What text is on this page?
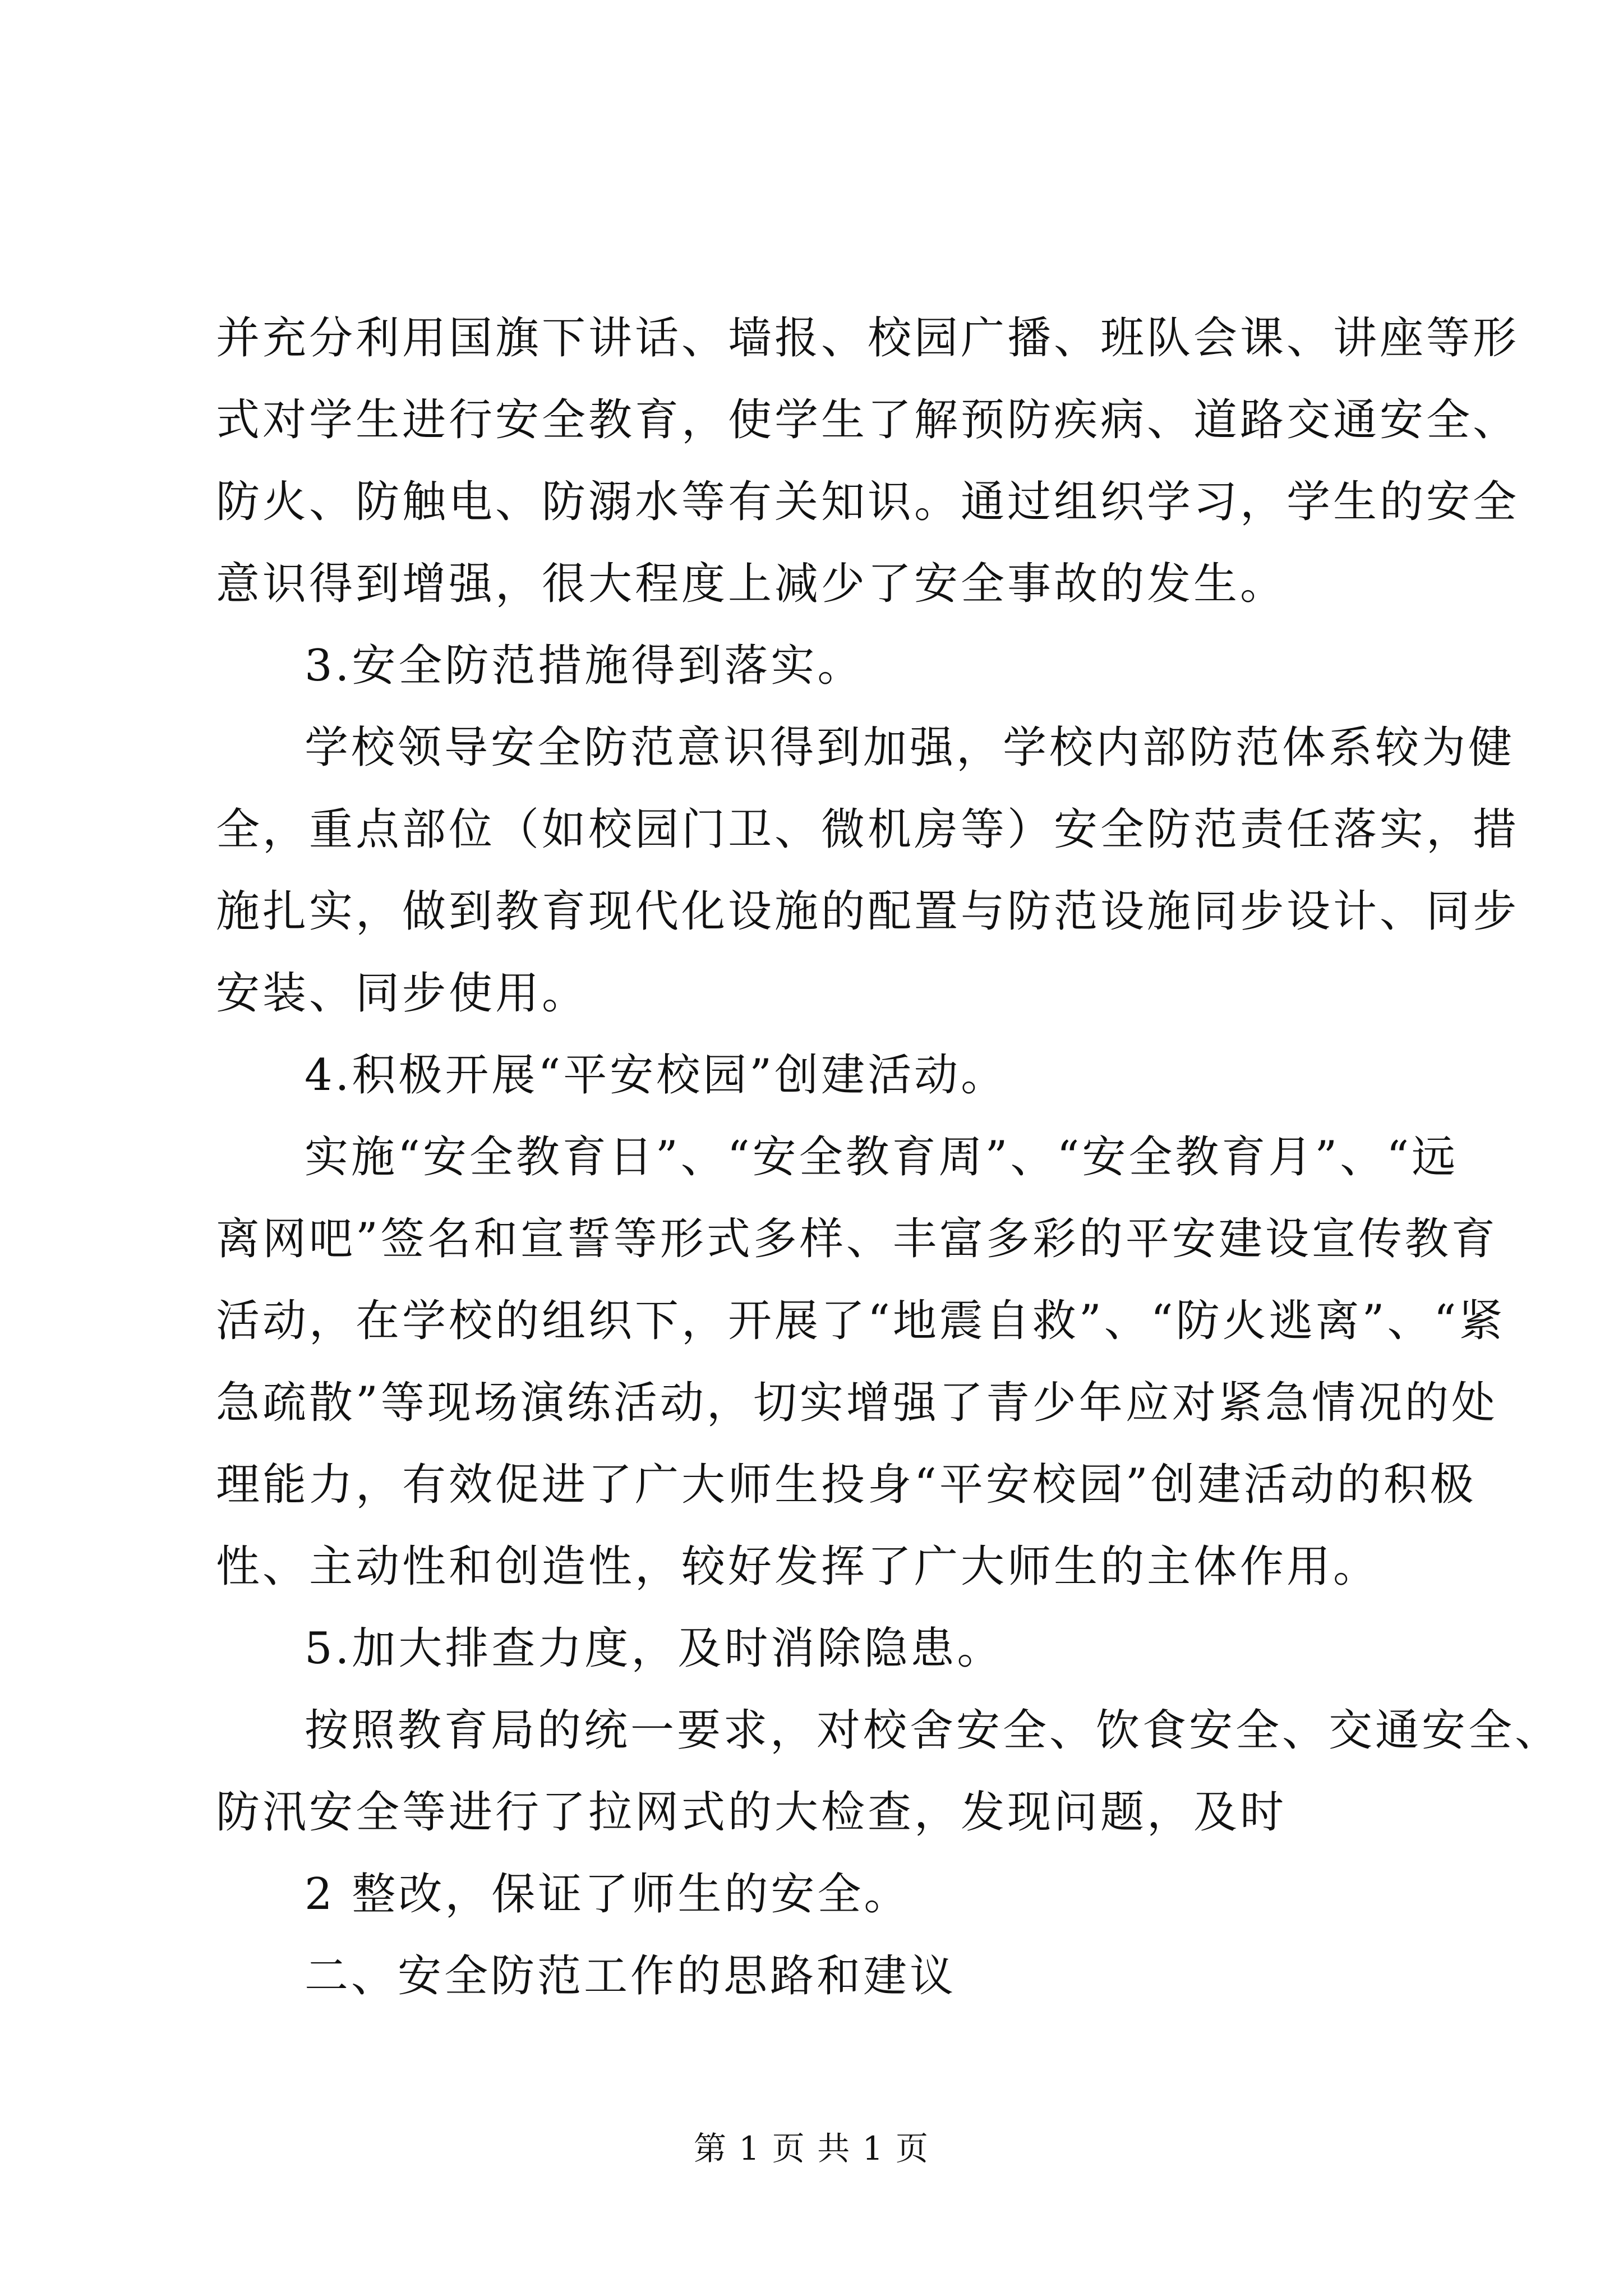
并充分利用国旗下讲话、墙报、校园广播、班队会课、讲座等形
式对学生进行安全教育，使学生了解预防疾病、道路交通安全、
防火、防触电、防溺水等有关知识。通过组织学习，学生的安全
意识得到增强，很大程度上减少了安全事故的发生。
3.安全防范措施得到落实。
学校领导安全防范意识得到加强，学校内部防范体系较为健
全，重点部位（如校园门卫、微机房等）安全防范责任落实，措
施扎实，做到教育现代化设施的配置与防范设施同步设计、同步
安装、同步使用。
4.积极开展“平安校园”创建活动。
实施“安全教育日”、“安全教育周”、“安全教育月”、“远
离网吧”签名和宣誓等形式多样、丰富多彩的平安建设宣传教育
活动，在学校的组织下，开展了“地震自救”、“防火逃离”、“紧
急疏散”等现场演练活动，切实增强了青少年应对紧急情况的处
理能力，有效促进了广大师生投身“平安校园”创建活动的积极
性、主动性和创造性，较好发挥了广大师生的主体作用。
5.加大排查力度，及时消除隐患。
按照教育局的统一要求，对校舍安全、饮食安全、交通安全、
防汛安全等进行了拉网式的大检查，发现问题，及时
2 整改，保证了师生的安全。
二、安全防范工作的思路和建议
第 1 页 共 1 页
